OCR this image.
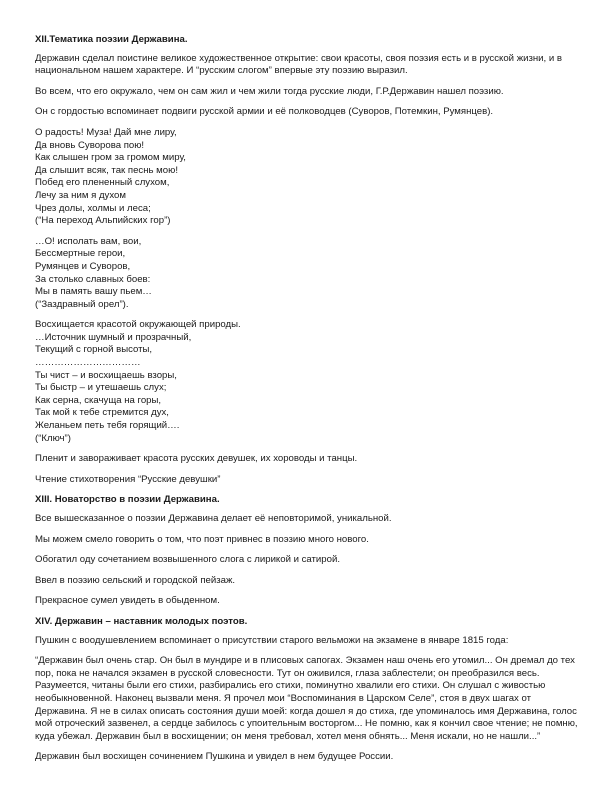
XII.Тематика поэзии Державина.

Державин сделал поистине великое художественное открытие: свои красоты, своя поэзия есть и в русской жизни, и в национальном нашем характере. И “русским слогом” впервые эту поэзию выразил.

Во всем, что его окружало, чем он сам жил и чем жили тогда русские люди, Г.Р.Державин нашел поэзию.

Он с гордостью вспоминает подвиги русской армии и её полководцев (Суворов, Потемкин, Румянцев).

О радость! Муза! Дай мне лиру,
Да вновь Суворова пою!
Как слышен гром за громом миру,
Да слышит всяк, так песнь мою!
Побед его плененный слухом,
Лечу за ним я духом
Чрез долы, холмы и леса;
(“На переход Альпийских гор”)
…О! исполать вам, вои,
Бессмертные герои,
Румянцев и Суворов,
За столько славных боев:
Мы в память вашу пьем…
(“Заздравный орел”).
Восхищается красотой окружающей природы.
…Источник шумный и прозрачный,
Текущий с горной высоты,
……………………………
Ты чист – и восхищаешь взоры,
Ты быстр – и утешаешь слух;
Как серна, скачуща на горы,
Так мой к тебе стремится дух,
Желаньем петь тебя горящий….
(“Ключ”)

Пленит и завораживает красота русских девушек, их хороводы и танцы.

Чтение стихотворения “Русские девушки”

XIII. Новаторство в поэзии Державина.

Все вышесказанное о поэзии Державина делает её неповторимой, уникальной.

Мы можем смело говорить о том, что поэт привнес в поэзию много нового.

Обогатил оду сочетанием возвышенного слога с лирикой и сатирой.

Ввел в поэзию сельский и городской пейзаж.

Прекрасное сумел увидеть в обыденном.

XIV. Державин – наставник молодых поэтов.

Пушкин с воодушевлением вспоминает о присутствии старого вельможи на экзамене в январе 1815 года:

“Державин был очень стар. Он был в мундире и в плисовых сапогах. Экзамен наш очень его утомил... Он дремал до тех пор, пока не начался экзамен в русской словесности. Тут он оживился, глаза заблестели; он преобразился весь. Разумеется, читаны были его стихи, разбирались его стихи, поминутно хвалили его стихи. Он слушал с живостью необыкновенной. Наконец вызвали меня. Я прочел мои “Воспоминания в Царском Селе”, стоя в двух шагах от Державина. Я не в силах описать состояния души моей: когда дошел я до стиха, где упоминалось имя Державина, голос мой отроческий зазвенел, а сердце забилось с упоительным восторгом... Не помню, как я кончил свое чтение; не помню, куда убежал. Державин был в восхищении; он меня требовал, хотел меня обнять... Меня искали, но не нашли...”

Державин был восхищен сочинением Пушкина и увидел в нем будущее России.
